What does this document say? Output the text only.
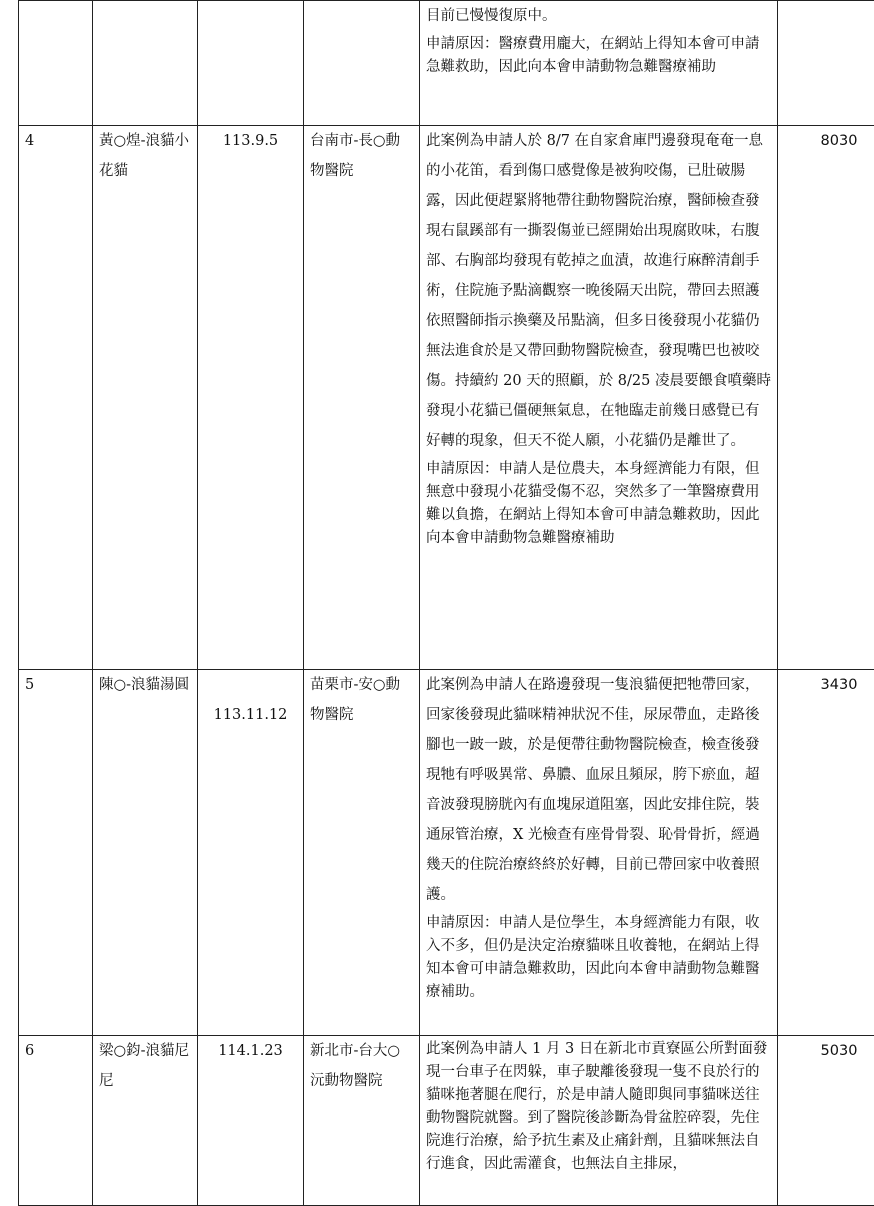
				目前已慢慢復原中。
申請原因：醫療費用龐大，在網站上得知本會可申請急難救助，因此向本會申請動物急難醫療補助	

4	黃○煌-浪貓小花貓	113.9.5	台南市-長○動物醫院	此案例為申請人於 8/7 在自家倉庫門邊發現奄奄一息的小花笛，看到傷口感覺像是被狗咬傷，已肚破腸露，因此便趕緊將牠帶往動物醫院治療，醫師檢查發現右鼠蹊部有一撕裂傷並已經開始出現腐敗味，右腹部、右胸部均發現有乾掉之血漬，故進行麻醉清創手術，住院施予點滴觀察一晚後隔天出院，帶回去照護依照醫師指示換藥及吊點滴，但多日後發現小花貓仍無法進食於是又帶回動物醫院檢查，發現嘴巴也被咬傷。持續約 20 天的照顧，於 8/25 凌晨要餵食噴藥時發現小花貓已僵硬無氣息，在牠臨走前幾日感覺已有好轉的現象，但天不從人願，小花貓仍是離世了。
申請原因：申請人是位農夫，本身經濟能力有限，但無意中發現小花貓受傷不忍，突然多了一筆醫療費用難以負擔，在網站上得知本會可申請急難救助，因此向本會申請動物急難醫療補助	8030
5	陳○-浪貓湯圓	113.11.12	苗栗市-安○動物醫院	此案例為申請人在路邊發現一隻浪貓便把牠帶回家，回家後發現此貓咪精神狀況不佳，尿尿帶血，走路後腳也一跛一跛，於是便帶往動物醫院檢查，檢查後發現牠有呼吸異常、鼻膿、血尿且頻尿，胯下瘀血，超音波發現膀胱內有血塊尿道阻塞，因此安排住院，裝通尿管治療，X 光檢查有座骨骨裂、恥骨骨折，經過幾天的住院治療終終於好轉，目前已帶回家中收養照護。
申請原因：申請人是位學生，本身經濟能力有限，收入不多，但仍是決定治療貓咪且收養牠，在網站上得知本會可申請急難救助，因此向本會申請動物急難醫療補助。	3430
6	梁○鈞-浪貓尼尼	114.1.23	新北市-台大○沅動物醫院	此案例為申請人 1 月 3 日在新北市貢寮區公所對面發現一台車子在閃躲，車子駛離後發現一隻不良於行的貓咪拖著腿在爬行，於是申請人隨即與同事貓咪送往動物醫院就醫。到了醫院後診斷為骨盆腔碎裂，先住院進行治療，給予抗生素及止痛針劑，且貓咪無法自行進食，因此需灌食，也無法自主排尿，	5030
